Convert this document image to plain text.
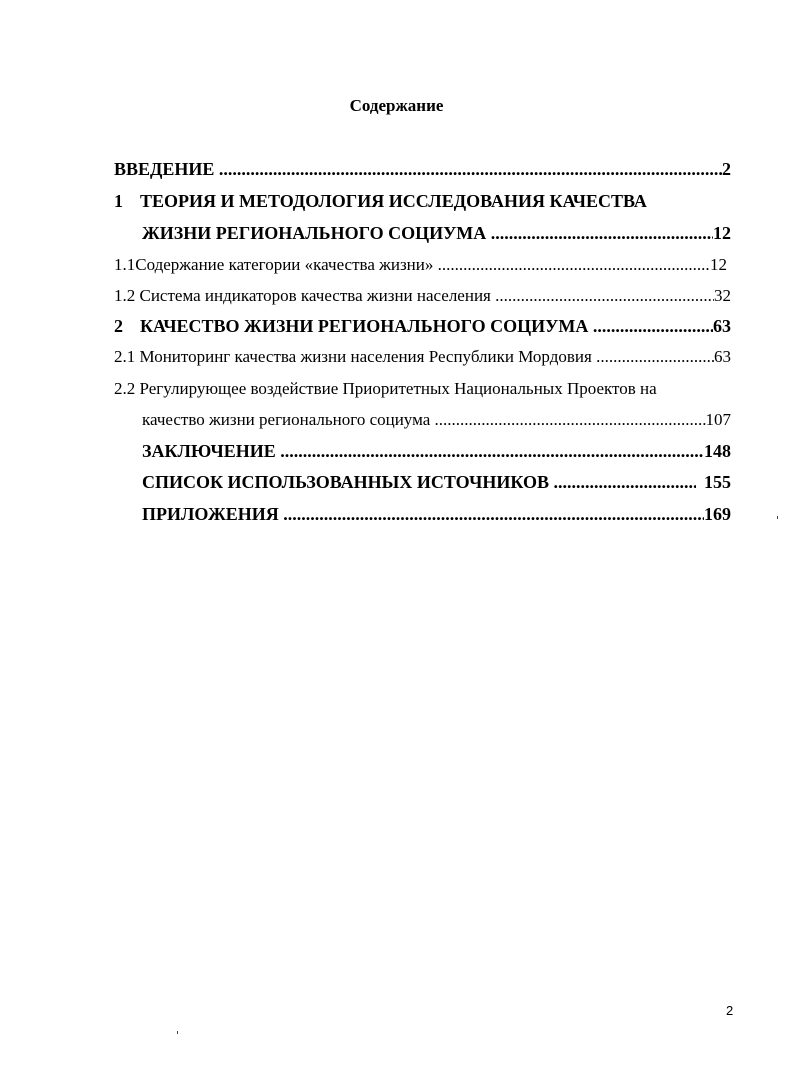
Содержание
ВВЕДЕНИЕ .....	2
1 ТЕОРИЯ И МЕТОДОЛОГИЯ ИССЛЕДОВАНИЯ КАЧЕСТВА
ЖИЗНИ РЕГИОНАЛЬНОГО СОЦИУМА .....	12
1.1Содержание категории «качества жизни» .....	12
1.2 Система индикаторов качества жизни населения .....	32
2 КАЧЕСТВО ЖИЗНИ РЕГИОНАЛЬНОГО СОЦИУМА .....	63
2.1 Мониторинг качества жизни населения Республики Мордовия .....	63
2.2 Регулирующее воздействие Приоритетных Национальных Проектов на
качество жизни регионального социума .....	107
ЗАКЛЮЧЕНИЕ .....	148
СПИСОК ИСПОЛЬЗОВАННЫХ ИСТОЧНИКОВ .....	155
ПРИЛОЖЕНИЯ .....	169
2
